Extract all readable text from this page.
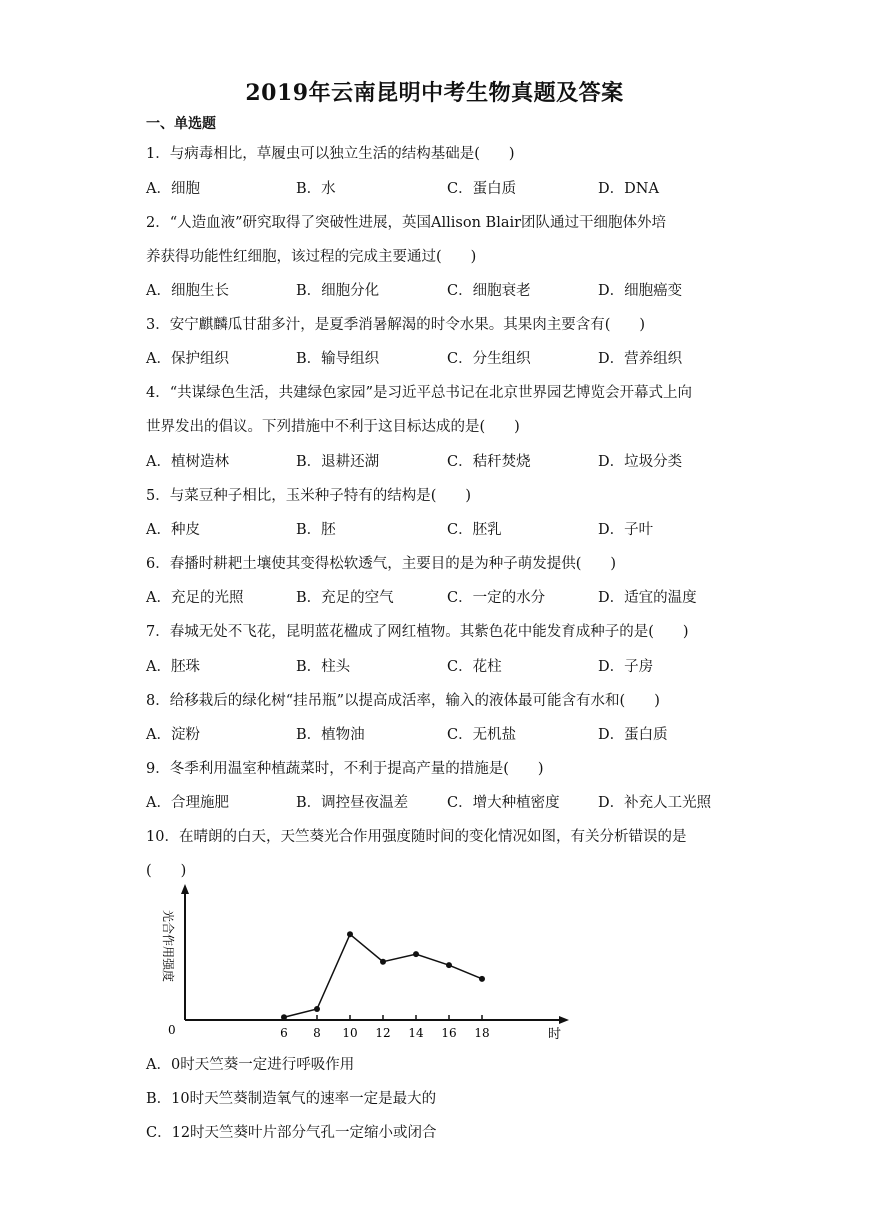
2019年云南昆明中考生物真题及答案
一、单选题
1．与病毒相比，草履虫可以独立生活的结构基础是(　　)
A．细胞	B．水	C．蛋白质	D．DNA
2．“人造血液”研究取得了突破性进展，英国Allison Blair团队通过干细胞体外培
养获得功能性红细胞，该过程的完成主要通过(　　)
A．细胞生长	B．细胞分化	C．细胞衰老	D．细胞癌变
3．安宁麒麟瓜甘甜多汁，是夏季消暑解渴的时令水果。其果肉主要含有(　　)
A．保护组织	B．输导组织	C．分生组织	D．营养组织
4．“共谋绿色生活，共建绿色家园”是习近平总书记在北京世界园艺博览会开幕式上向
世界发出的倡议。下列措施中不利于这目标达成的是(　　)
A．植树造林	B．退耕还湖	C．秸秆焚烧	D．垃圾分类
5．与菜豆种子相比，玉米种子特有的结构是(　　)
A．种皮	B．胚	C．胚乳	D．子叶
6．春播时耕耙土壤使其变得松软透气，主要目的是为种子萌发提供(　　)
A．充足的光照	B．充足的空气	C．一定的水分	D．适宜的温度
7．春城无处不飞花，昆明蓝花楹成了网红植物。其紫色花中能发育成种子的是(　　)
A．胚珠	B．柱头	C．花柱	D．子房
8．给移栽后的绿化树“挂吊瓶”以提高成活率，输入的液体最可能含有水和(　　)
A．淀粉	B．植物油	C．无机盐	D．蛋白质
9．冬季利用温室种植蔬菜时，不利于提高产量的措施是(　　)
A．合理施肥	B．调控昼夜温差	C．增大种植密度	D．补充人工光照
10．在晴朗的白天，天竺葵光合作用强度随时间的变化情况如图，有关分析错误的是
(　　)
光合作用强度
0	时
6 8 10 12 14 16 18
A．0时天竺葵一定进行呼吸作用
B．10时天竺葵制造氧气的速率一定是最大的
C．12时天竺葵叶片部分气孔一定缩小或闭合
